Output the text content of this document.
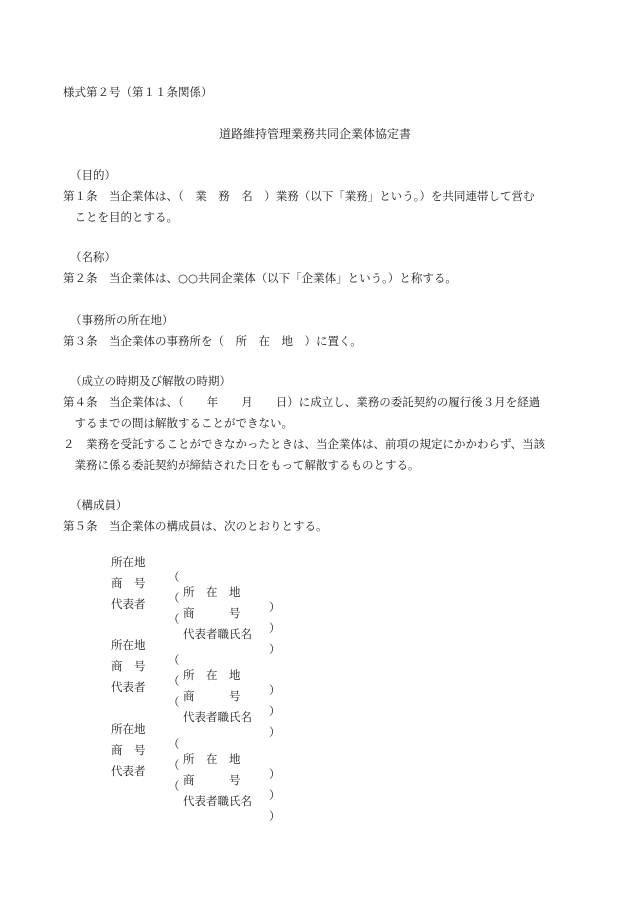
様式第２号（第１１条関係）
道路維持管理業務共同企業体協定書
（目的）
第１条　当企業体は、（　業　務　名　）業務（以下「業務」という。）を共同連帯して営む
　ことを目的とする。
（名称）
第２条　当企業体は、○○共同企業体（以下「企業体」という。）と称する。
（事務所の所在地）
第３条　当企業体の事務所を（　所　在　地　）に置く。
（成立の時期及び解散の時期）
第４条　当企業体は、（　　年　　月　　日）に成立し、業務の委託契約の履行後３月を経過
　するまでの間は解散することができない。
２　業務を受託することができなかったときは、当企業体は、前項の規定にかかわらず、当該
　業務に係る委託契約が締結された日をもって解散するものとする。
（構成員）
第５条　当企業体の構成員は、次のとおりとする。

所在地

（

所　在　地

）

商　号

（

商　　　号

）

代表者

（

代表者職氏名

）

所在地

（

所　在　地

）

商　号

（

商　　　号

）

代表者

（

代表者職氏名

）

所在地

（

所　在　地

）

商　号

（

商　　　号

）

代表者

（

代表者職氏名

）
